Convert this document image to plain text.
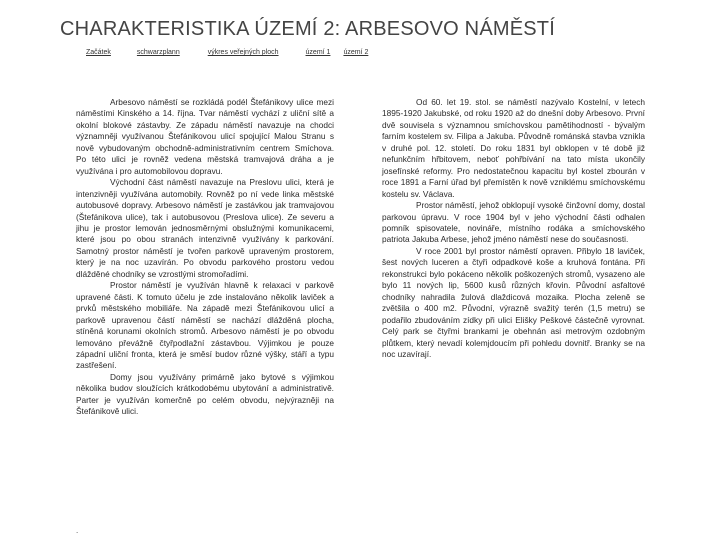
CHARAKTERISTIKA ÚZEMÍ 2: ARBESOVO NÁMĚSTÍ
Začátek	schwarzplann	výkres veřejných ploch	území 1 území 2

Arbesovo náměstí se rozkládá podél Štefánikovy ulice mezi náměstími Kinského a 14. října. Tvar náměstí vychází z uliční sítě a okolní blokové zástavby. Ze západu náměstí navazuje na chodci významněji využívanou Štefánikovou ulicí spojující Malou Stranu s nově vybudovaným obchodně-administrativním centrem Smíchova. Po této ulici je rovněž vedena městská tramvajová dráha a je využívána i pro automobilovou dopravu.

Východní část náměstí navazuje na Preslovu ulici, která je intenzivněji využívána automobily. Rovněž po ní vede linka městské autobusové dopravy. Arbesovo náměstí je zastávkou jak tramvajovou (Štefánikova ulice), tak i autobusovou (Preslova ulice). Ze severu a jihu je prostor lemován jednosměrnými obslužnými komunikacemi, které jsou po obou stranách intenzivně využívány k parkování. Samotný prostor náměstí je tvořen parkově upraveným prostorem, který je na noc uzavírán. Po obvodu parkového prostoru vedou dlážděné chodníky se vzrostlými stromořadími.

Prostor náměstí je využíván hlavně k relaxaci v parkově upravené části. K tomuto účelu je zde instalováno několik laviček a prvků městského mobiliáře. Na západě mezi Štefánikovou ulicí a parkově upravenou částí náměstí se nachází dlážděná plocha, stíněná korunami okolních stromů. Arbesovo náměstí je po obvodu lemováno převážně čtyřpodlažní zástavbou. Výjimkou je pouze západní uliční fronta, která je směsí budov různé výšky, stáří a typu zastřešení.

Domy jsou využívány primárně jako bytové s výjimkou několika budov sloužících krátkodobému ubytování a administrativě. Parter je využíván komerčně po celém obvodu, nejvýrazněji na Štefánikově ulici.

Od 60. let 19. stol. se náměstí nazývalo Kostelní, v letech 1895-1920 Jakubské, od roku 1920 až do dnešní doby Arbesovo. První dvě souvisela s významnou smíchovskou pamětihodností - bývalým farním kostelem sv. Filipa a Jakuba. Původně románská stavba vznikla v druhé pol. 12. století. Do roku 1831 byl obklopen v té době již nefunkčním hřbitovem, neboť pohřbívání na tato místa ukončily josefínské reformy. Pro nedostatečnou kapacitu byl kostel zbourán v roce 1891 a Farní úřad byl přemístěn k nově vzniklému smíchovskému kostelu sv. Václava.

Prostor náměstí, jehož obklopují vysoké činžovní domy, dostal parkovou úpravu. V roce 1904 byl v jeho východní části odhalen pomník spisovatele, novináře, místního rodáka a smíchovského patriota Jakuba Arbese, jehož jméno náměstí nese do současnosti.

V roce 2001 byl prostor náměstí opraven. Přibylo 18 laviček, šest nových luceren a čtyři odpadkové koše a kruhová fontána. Při rekonstrukci bylo pokáceno několik poškozených stromů, vysazeno ale bylo 11 nových lip, 5600 kusů různých křovin. Původní asfaltové chodníky nahradila žulová dlaždicová mozaika. Plocha zeleně se zvětšila o 400 m2. Původní, výrazně svažitý terén (1,5 metru) se podařilo zbudováním zídky při ulici Elišky Peškové částečně vyrovnat. Celý park se čtyřmi brankami je obehnán asi metrovým ozdobným plůtkem, který nevadí kolemjdoucím při pohledu dovnitř. Branky se na noc uzavírají.

.
